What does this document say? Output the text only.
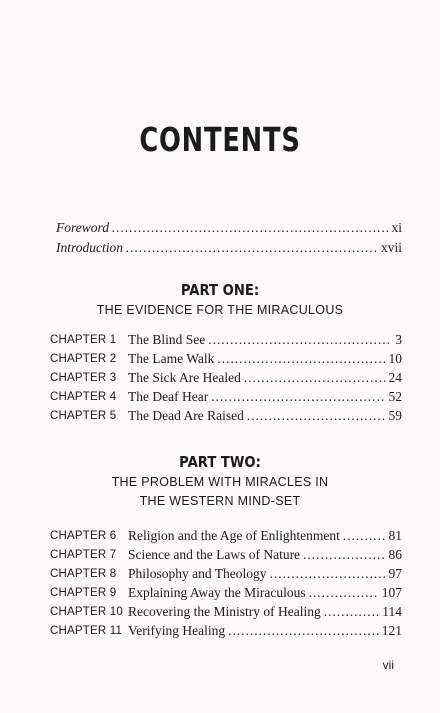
CONTENTS
Foreword . . .	xi
Introduction . . .	xvii
PART ONE:
THE EVIDENCE FOR THE MIRACULOUS
CHAPTER 1 The Blind See . . .	3
CHAPTER 2 The Lame Walk . . .	10
CHAPTER 3 The Sick Are Healed . . .	24
CHAPTER 4 The Deaf Hear . . .	52
CHAPTER 5 The Dead Are Raised . . .	59
PART TWO:
THE PROBLEM WITH MIRACLES IN
THE WESTERN MIND-SET
CHAPTER 6 Religion and the Age of Enlightenment . . .	81
CHAPTER 7 Science and the Laws of Nature . . .	86
CHAPTER 8 Philosophy and Theology . . .	97
CHAPTER 9 Explaining Away the Miraculous . . .	107
CHAPTER 10 Recovering the Ministry of Healing . . .	114
CHAPTER 11 Verifying Healing . . .	121
vii
